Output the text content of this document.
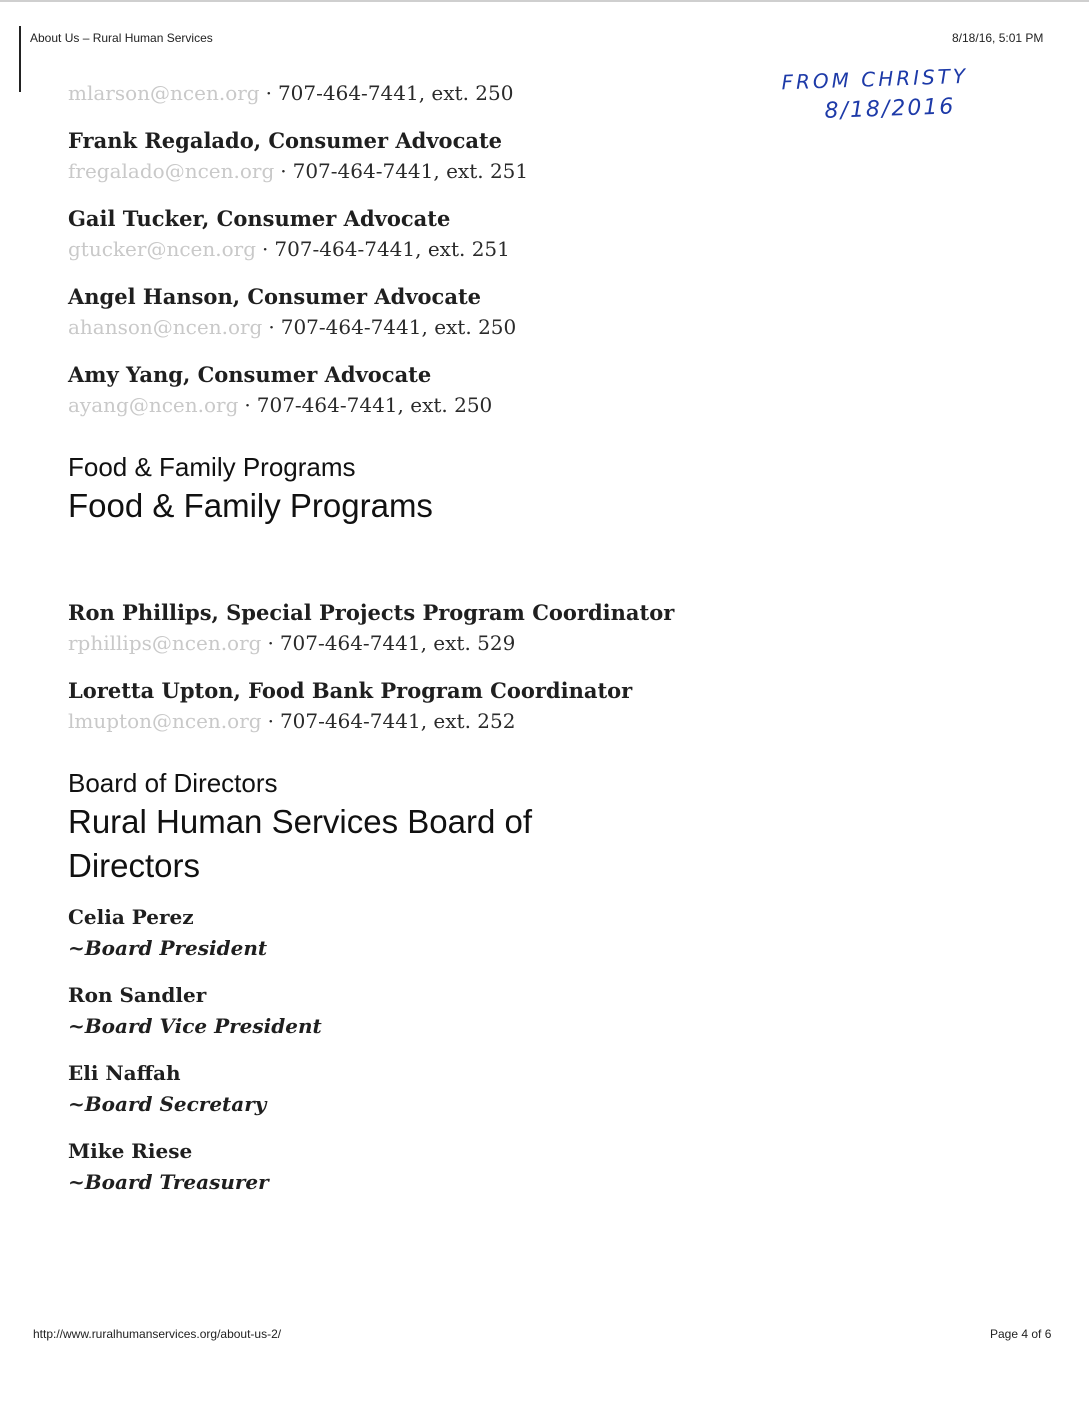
About Us – Rural Human Services	8/18/16, 5:01 PM
FROM CHRISTY
8/18/2016
mlarson@ncen.org · 707-464-7441, ext. 250
Frank Regalado, Consumer Advocate
fregalado@ncen.org · 707-464-7441, ext. 251
Gail Tucker, Consumer Advocate
gtucker@ncen.org · 707-464-7441, ext. 251
Angel Hanson, Consumer Advocate
ahanson@ncen.org · 707-464-7441, ext. 250
Amy Yang, Consumer Advocate
ayang@ncen.org · 707-464-7441, ext. 250
Food & Family Programs
Food & Family Programs
Ron Phillips, Special Projects Program Coordinator
rphillips@ncen.org · 707-464-7441, ext. 529
Loretta Upton, Food Bank Program Coordinator
lmupton@ncen.org · 707-464-7441, ext. 252
Board of Directors
Rural Human Services Board of Directors
Celia Perez
~Board President
Ron Sandler
~Board Vice President
Eli Naffah
~Board Secretary
Mike Riese
~Board Treasurer
http://www.ruralhumanservices.org/about-us-2/	Page 4 of 6
